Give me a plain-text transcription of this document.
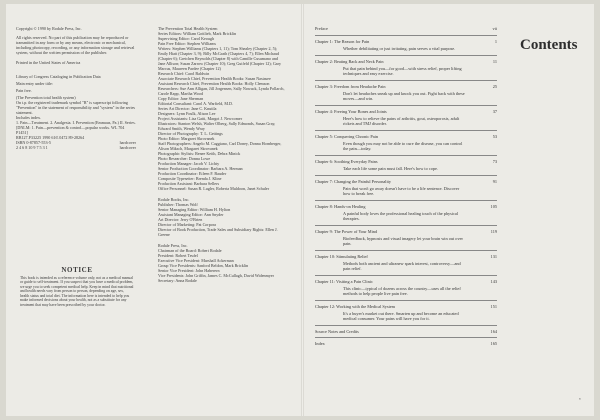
Copyright © 1990 by Rodale Press, Inc.

All rights reserved. No part of this publication may be reproduced or transmitted in any form or by any means, electronic or mechanical, including photocopy, recording, or any information storage and retrieval system, without the written permission of the publisher.

Printed in the United States of America

Library of Congress Cataloging in Publication Data

Main entry under title:

Pain free.

(The Prevention total health system)

On t.p. the registered trademark symbol "R" is superscript following "Prevention" in the statement of responsibility and "system" in the series statement.

Includes index.

1. Pain—Treatment. 2. Analgesia. I. Prevention (Emmaus, Pa.) II. Series. [DNLM: 1. Pain—prevention & control—popular works. WL 704 P1451]

RB127.P33225 1990 616'.0472 89-28264

ISBN 0-87857-553-5	hardcover

2 4 6 8 10 9 7 5 3 1	hardcover

NOTICE

This book is intended as a reference volume only, not as a medical manual or guide to self-treatment. If you suspect that you have a medical problem, we urge you to seek competent medical help. Keep in mind that nutritional and health needs vary from person to person, depending on age, sex, health status and total diet. The information here is intended to help you make informed decisions about your health, not as a substitute for any treatment that may have been prescribed by your doctor.

The Prevention Total Health System

Series Editors: William Gottlieb, Mark Bricklin

Supervising Editor: Carol Keough

Pain Free Editor: Stephen Williams

Writers: Stephen Williams (Chapters 1, 11); Tom Shealey (Chapter 2, 5); Emily Hiatt (Chapter 3, 9); Billy McGrath (Chapters 4, 7); Ellen Michaud (Chapter 6); Gretchen Reynolds (Chapter 8) with Camille Cusumano and Jane Allison; Susan Zarrow (Chapter 10); Greg Gutfeld (Chapter 12); Gary Marcus, Maureen Pardee (Chapter 12)

Research Chief: Carol Baldwin

Associate Research Chief, Prevention Health Books: Susan Nastasee

Assistant Research Chief, Prevention Health Books: Holly Clemson

Researchers: Sue Ann Alligan, Jill Jorgensen, Sally Nowack, Lynda Pollarch, Carole Rapp, Martha Wood

Copy Editor: Jane Sherman

Editorial Consultant: Carol A. Warfield, M.D.

Series Art Director: Jane C. Knutila

Designers: Lynn Foulk, Alison Lee

Project Assistants: Lisa Gatti, Margot J. Newcomer

Illustrators: Stanton Welsh, Walter Olberg, Sally Edmonds, Susan Gray, Edward Smith, Wendy Wray

Director of Photography: T. L. Gettings

Photo Editor: Margaret Skrovanek

Staff Photographers: Angelo M. Caggiano, Carl Doney, Donna Hornberger, Alison Miksch, Margaret Skrovanek

Photographic Stylists: Renee Keith, Debra Minick

Photo Researcher: Donna Lowe

Production Manager: Jacob V. Lichty

Senior Production Coordinator: Barbara A. Herman

Production Coordinator: Eileen F. Bauder

Composite Typesetter: Brenda J. Kline

Production Assistant: Barbara Sellers

Office Personnel: Susan R. Lugler, Roberta Muldoon, Janet Schuler

Rodale Books, Inc.

Publisher: Thomas Wolf

Senior Managing Editor: William H. Hylton

Assistant Managing Editor: Ann Snyder

Art Director: Jerry O'Brien

Director of Marketing: Pat Corpora

Director of Book Production, Trade Sales and Subsidiary Rights: Ellen J. Greene

Rodale Press, Inc.

Chairman of the Board: Robert Rodale

President: Robert Teufel

Executive Vice President: Marshall Ackerman

Group Vice Presidents: Sanford Beldon, Mark Bricklin

Senior Vice President: John Haberern

Vice Presidents: John Griffin, James C. McCullagh, David Widenmyer

Secretary: Anna Rodale

Preface	vii
Chapter 1: The Reason for Pain	1
Whether debilitating or just irritating, pain serves a vital purpose.
Chapter 2: Beating Back and Neck Pain	11
Put that pain behind you—for good—with stress relief, proper lifting techniques and easy exercise.
Chapter 3: Freedom from Headache Pain	25
Don't let headaches sneak up and knock you out. Fight back with these moves—and win.
Chapter 4: Freeing Your Bones and Joints	37
Here's how to relieve the pains of arthritis, gout, osteoporosis, adult rickets and TMJ disorder.
Chapter 5: Conquering Chronic Pain	53
Even though you may not be able to cure the disease, you can control the pain—today.
Chapter 6: Soothing Everyday Pains	73
Take each life some pain must fall. Here's how to cope.
Chapter 7: Changing the Painful Personality	91
Pain that won't go away doesn't have to be a life sentence. Discover how to break free.
Chapter 8: Hands-on Healing	105
A painful body loves the professional healing touch of the physical therapies.
Chapter 9: The Power of Your Mind	119
Biofeedback, hypnosis and visual imagery let your brain win out over pain.
Chapter 10: Stimulating Relief	131
Methods both ancient and ultranew spark interest, controversy—and pain relief.
Chapter 11: Visiting a Pain Clinic	143
This clinic—typical of dozens across the country—uses all the relief methods to help people live pain free.
Chapter 12: Working with the Medical System	151
It's a buyer's market out there. Smarten up and become an educated medical consumer. Your pains will have you for it.
Source Notes and Credits	164
Index	165
Contents
v
